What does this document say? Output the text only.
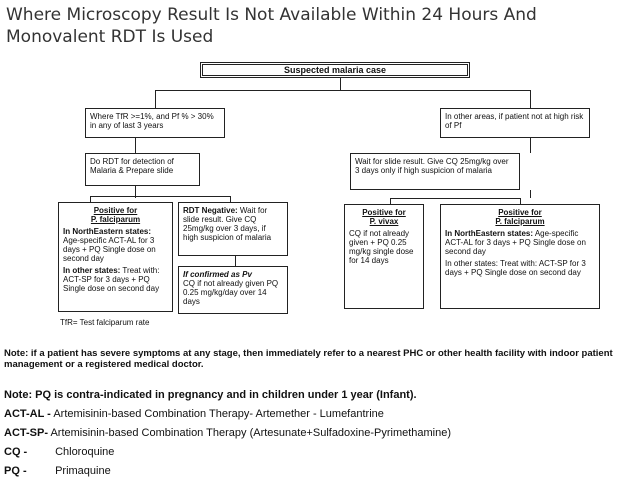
Where Microscopy Result Is Not Available Within 24 Hours And
Monovalent RDT Is Used
Suspected malaria case
Where TfR >=1%, and Pf % > 30% in any of last 3 years
In other areas, if patient not at high risk of Pf
Do RDT for detection of Malaria & Prepare slide
Wait for slide result. Give CQ 25mg/kg over 3 days only if high suspicion of malaria
Positive for
P. falciparum
In NorthEastern states: Age-specific ACT-AL for 3 days + PQ Single dose on second day
In other states: Treat with: ACT-SP for 3 days + PQ Single dose on second day
RDT Negative: Wait for slide result. Give CQ 25mg/kg over 3 days, if high suspicion of malaria
If confirmed as Pv
CQ if not already given PQ 0.25 mg/kg/day over 14 days
Positive for
P. vivax
CQ if not already given + PQ 0.25 mg/kg single dose for 14 days
Positive for
P. falciparum
In NorthEastern states: Age-specific ACT-AL for 3 days + PQ Single dose on second day
In other states: Treat with: ACT-SP for 3 days + PQ Single dose on second day
TfR= Test falciparum rate
Note: if a patient has severe symptoms at any stage, then immediately refer to a nearest PHC or other health facility with indoor patient management or a registered medical doctor.
Note: PQ is contra-indicated in pregnancy and in children under 1 year (Infant).
ACT-AL - Artemisinin-based Combination Therapy- Artemether - Lumefantrine
ACT-SP- Artemisinin-based Combination Therapy (Artesunate+Sulfadoxine-Pyrimethamine)
CQ -	Chloroquine
PQ -	Primaquine
